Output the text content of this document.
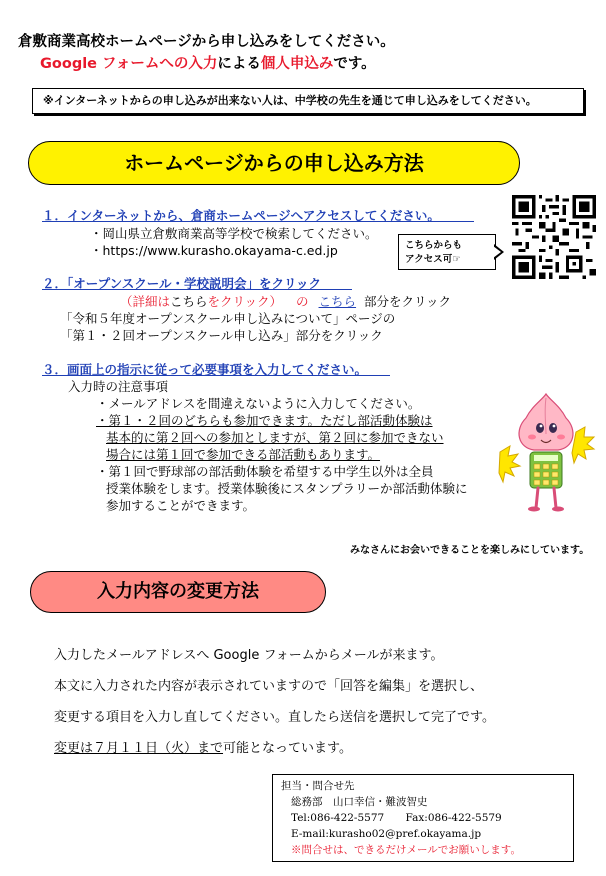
倉敷商業高校ホームページから申し込みをしてください。
Google フォームへの入力による個人申込みです。
※インターネットからの申し込みが出来ない人は、中学校の先生を通じて申し込みをしてください。
ホームページからの申し込み方法
１．インターネットから、倉商ホームページへアクセスしてください。
・岡山県立倉敷商業高等学校で検索してください。
・https://www.kurasho.okayama-c.ed.jp	こちらからも
アクセス可☞
２．「オープンスクール・学校説明会」をクリック
（詳細はこちらをクリック） の こちら 部分をクリック
「令和５年度オープンスクール申し込みについて」ページの
「第１・２回オープンスクール申し込み」部分をクリック
３．画面上の指示に従って必要事項を入力してください。
入力時の注意事項
・メールアドレスを間違えないように入力してください。
・第１・２回のどちらも参加できます。ただし部活動体験は
基本的に第２回への参加としますが、第２回に参加できない
場合には第１回で参加できる部活動もあります。
・第１回で野球部の部活動体験を希望する中学生以外は全員
授業体験をします。授業体験後にスタンプラリーか部活動体験に
参加することができます。
みなさんにお会いできることを楽しみにしています。
入力内容の変更方法
入力したメールアドレスへ Google フォームからメールが来ます。
本文に入力された内容が表示されていますので「回答を編集」を選択し、
変更する項目を入力し直してください。直したら送信を選択して完了です。
変更は７月１１日（火）まで可能となっています。
担当・問合せ先
総務部　山口幸信・難波智史
Tel:086-422-5577 Fax:086-422-5579
E-mail:kurasho02@pref.okayama.jp
※問合せは、できるだけメールでお願いします。
